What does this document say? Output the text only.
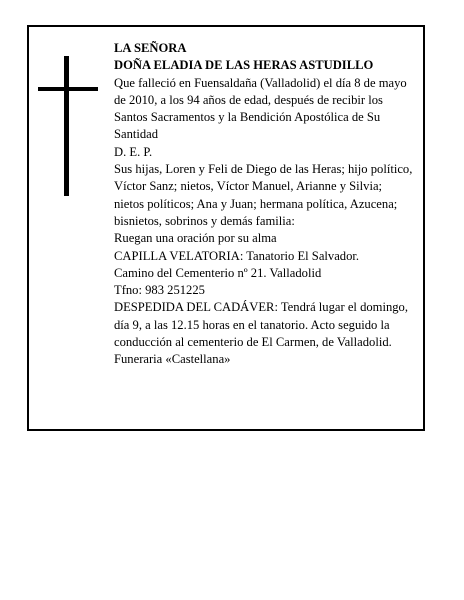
LA SEÑORA

DOÑA ELADIA DE LAS HERAS ASTUDILLO

Que falleció en Fuensaldaña (Valladolid) el día 8 de mayo de 2010, a los 94 años de edad, después de recibir los Santos Sacramentos y la Bendición Apostólica de Su Santidad

D. E. P.

Sus hijas, Loren y Feli de Diego de las Heras; hijo político, Víctor Sanz; nietos, Víctor Manuel, Arianne y Silvia; nietos políticos; Ana y Juan; hermana política, Azucena; bisnietos, sobrinos y demás familia:

Ruegan una oración por su alma

CAPILLA VELATORIA: Tanatorio El Salvador.

Camino del Cementerio nº 21. Valladolid

Tfno: 983 251225

DESPEDIDA DEL CADÁVER: Tendrá lugar el domingo, día 9, a las 12.15 horas en el tanatorio. Acto seguido la conducción al cementerio de El Carmen, de Valladolid.

Funeraria «Castellana»
